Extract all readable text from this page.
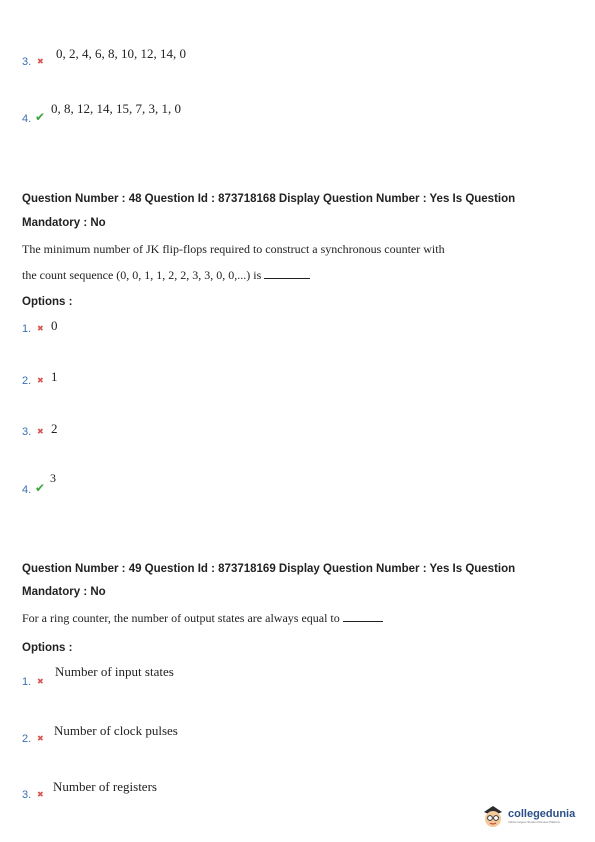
3. ✖
0, 2, 4, 6, 8, 10, 12, 14, 0
4. ✔
0, 8, 12, 14, 15, 7, 3, 1, 0
Question Number : 48 Question Id : 873718168 Display Question Number : Yes Is Question
Mandatory : No
The minimum number of JK flip-flops required to construct a synchronous counter with
the count sequence (0, 0, 1, 1, 2, 2, 3, 3, 0, 0,...) is
Options :
1. ✖ 0
2. ✖ 1
3. ✖ 2
4. ✔
3
Question Number : 49 Question Id : 873718169 Display Question Number : Yes Is Question
Mandatory : No
For a ring counter, the number of output states are always equal to
Options :
1. ✖
Number of input states
2. ✖
Number of clock pulses
3. ✖
Number of registers
collegedunia
India's largest Student Review Platform
